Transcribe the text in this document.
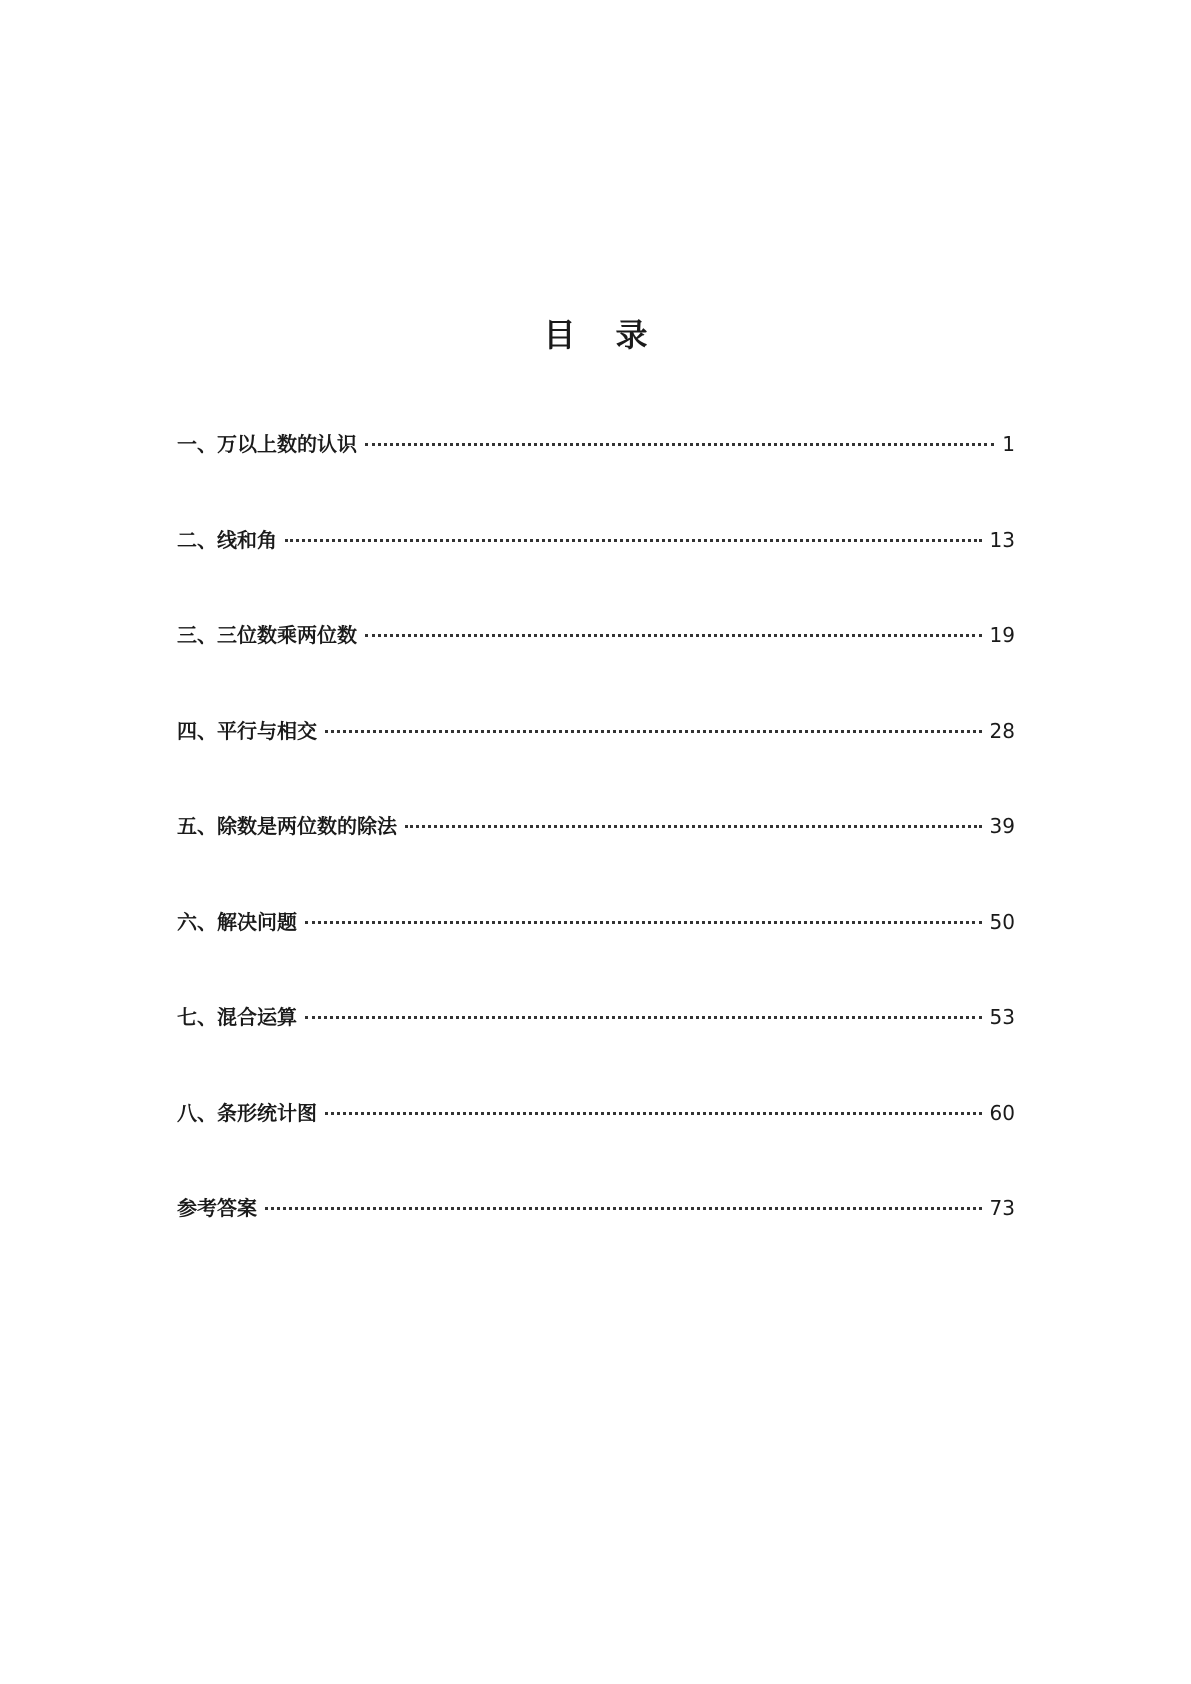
目 录
一、万以上数的认识	1
二、线和角	13
三、三位数乘两位数	19
四、平行与相交	28
五、除数是两位数的除法	39
六、解决问题	50
七、混合运算	53
八、条形统计图	60
参考答案	73
